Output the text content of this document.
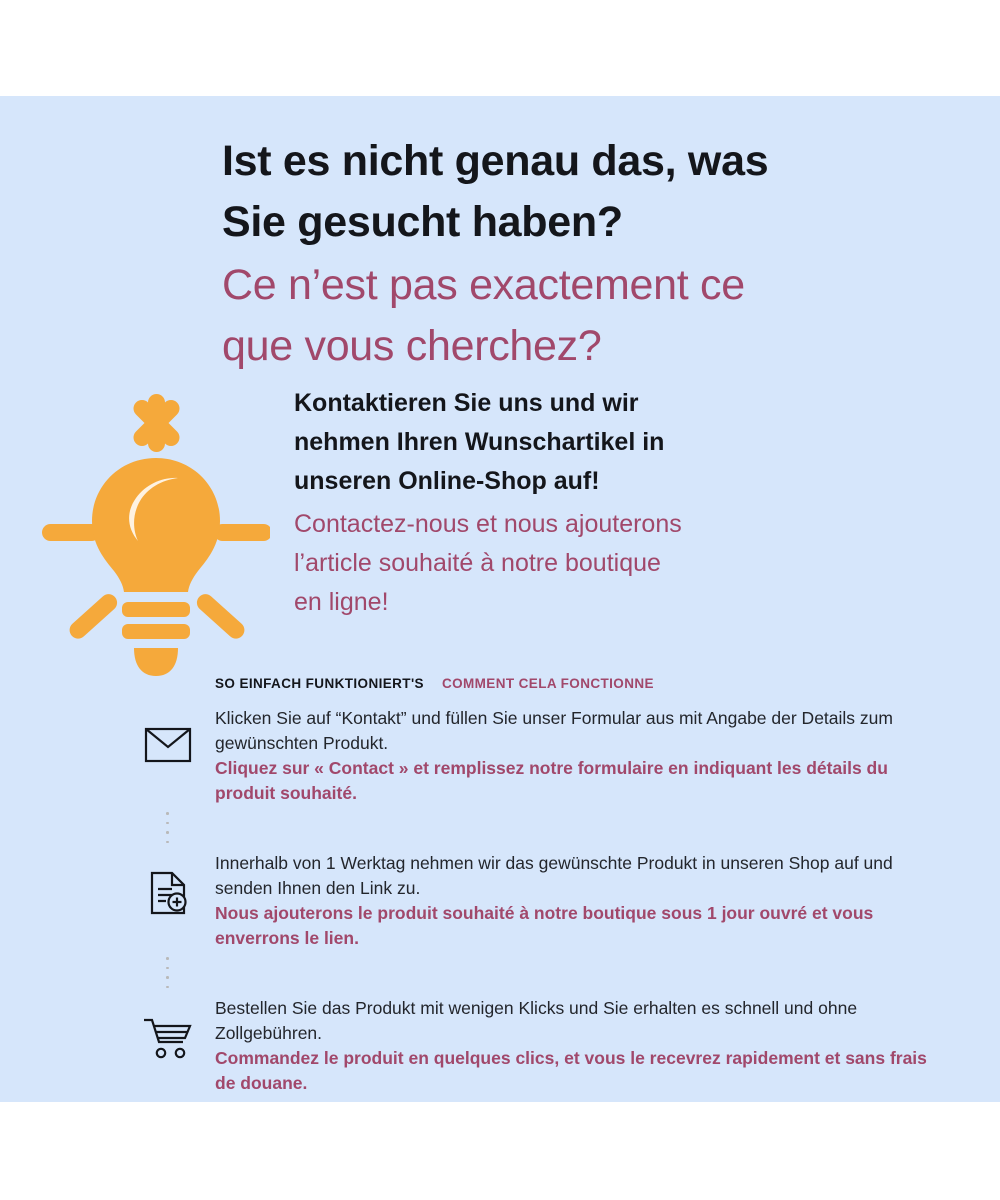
Ist es nicht genau das, was
Sie gesucht haben?
Ce n’est pas exactement ce
que vous cherchez?
Kontaktieren Sie uns und wir
nehmen Ihren Wunschartikel in
unseren Online-Shop auf!
Contactez-nous et nous ajouterons
l’article souhaité à notre boutique
en ligne!
SO EINFACH FUNKTIONIERT'S COMMENT CELA FONCTIONNE
Klicken Sie auf “Kontakt” und füllen Sie unser Formular aus mit Angabe der Details zum gewünschten Produkt.
Cliquez sur « Contact » et remplissez notre formulaire en indiquant les détails du produit souhaité.
Innerhalb von 1 Werktag nehmen wir das gewünschte Produkt in unseren Shop auf und senden Ihnen den Link zu.
Nous ajouterons le produit souhaité à notre boutique sous 1 jour ouvré et vous enverrons le lien.
Bestellen Sie das Produkt mit wenigen Klicks und Sie erhalten es schnell und ohne Zollgebühren.
Commandez le produit en quelques clics, et vous le recevrez rapidement et sans frais de douane.
